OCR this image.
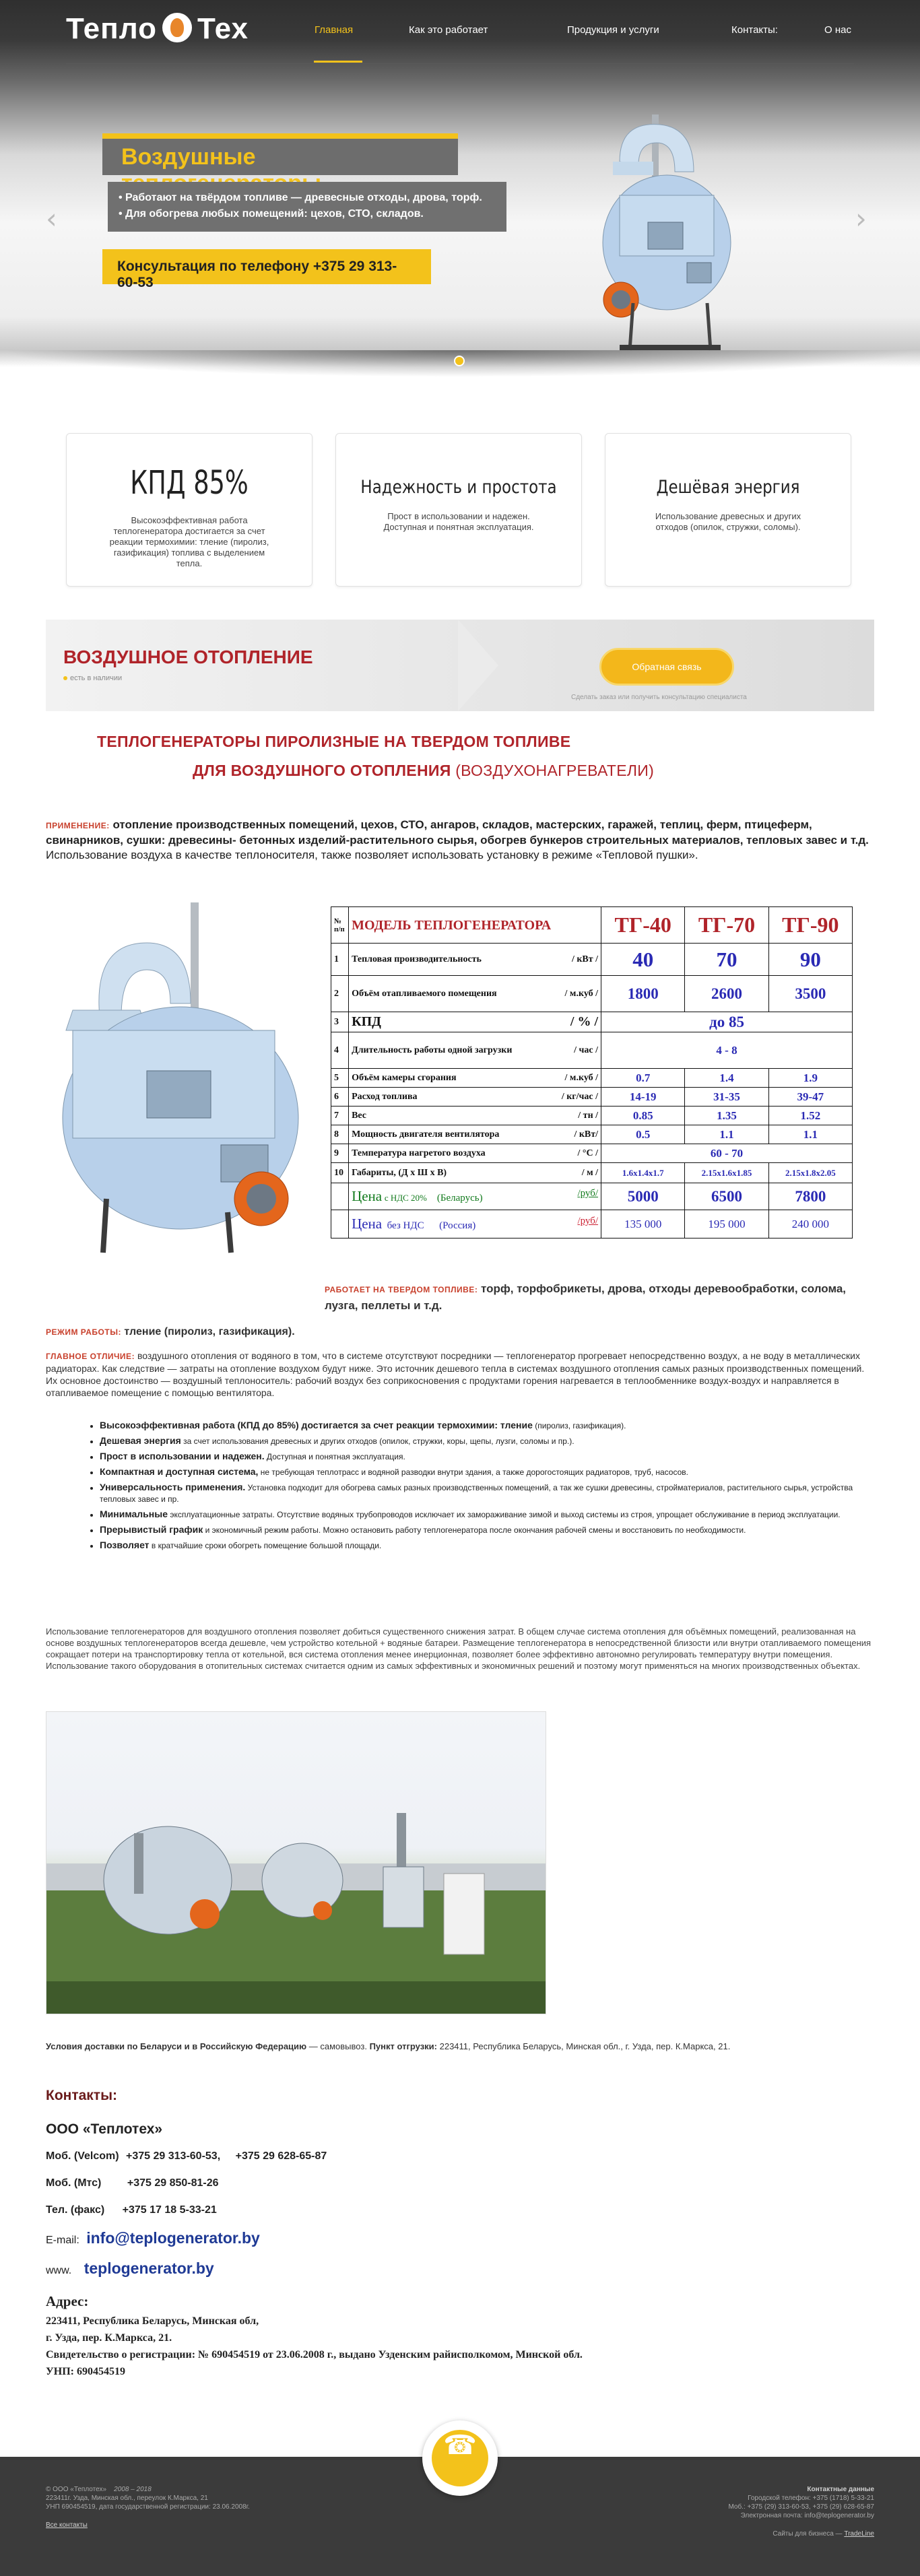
Тепло Тех	Главная	Как это работает	Продукция и услуги	Контакты:	О нас
Воздушные
• Работают на твёрдом топливе — древесные отходы, дрова, торф.
• Для обогрева любых помещений: цехов, СТО, складов.
Консультация по телефону +375 29 313-60-53
‹	›
КПД 85%

Высокоэффективная работа теплогенератора достигается за счет реакции термохимии: тление (пиролиз, газификация) топлива с выделением тепла.

Надежность и простота

Прост в использовании и надежен. Доступная и понятная эксплуатация.

Дешёвая энергия

Использование древесных и других отходов (опилок, стружки, соломы).

ВОЗДУШНОЕ ОТОПЛЕНИЕ
есть в наличии
Обратная связь
Сделать заказ или получить консультацию специалиста
ТЕПЛОГЕНЕРАТОРЫ ПИРОЛИЗНЫЕ НА ТВЕРДОМ ТОПЛИВЕ
ДЛЯ ВОЗДУШНОГО ОТОПЛЕНИЯ (ВОЗДУХОНАГРЕВАТЕЛИ)
ПРИМЕНЕНИЕ: отопление производственных помещений, цехов, СТО, ангаров, складов, мастерских, гаражей, теплиц, ферм, птицеферм, свинарников, сушки: древесины- бетонных изделий-растительного сырья, обогрев бункеров строительных материалов, тепловых завес и т.д. Использование воздуха в качестве теплоносителя, также позволяет использовать установку в режиме «Тепловой пушки».
№ п/п	МОДЕЛЬ ТЕПЛОГЕНЕРАТОРА	ТГ-40	ТГ-70	ТГ-90
1	Тепловая производительность / кВт /	40	70	90
2	Объём отапливаемого помещения / м.куб /	1800	2600	3500
3	КПД / % /	до 85		
4	Длительность работы одной загрузки / час /	4 - 8		
5	Объём камеры сгорания / м.куб /	0.7	1.4	1.9
6	Расход топлива / кг/час /	14-19	31-35	39-47
7	Вес / тн /	0.85	1.35	1.52
8	Мощность двигателя вентилятора / кВт/	0.5	1.1	1.1
9	Температура нагретого воздуха / °С /	60 - 70		
10	Габариты, (Д х Ш х В) / м /	1.6x1.4x1.7	2.15x1.6x1.85	2.15x1.8x2.05
	Цена с НДС 20% (Беларусь) /руб/	5000	6500	7800
	Цена без НДС (Россия) /руб/	135 000	195 000	240 000
РАБОТАЕТ НА ТВЕРДОМ ТОПЛИВЕ: торф, торфобрикеты, дрова, отходы деревообработки, солома, лузга, пеллеты и т.д.
РЕЖИМ РАБОТЫ: тление (пиролиз, газификация).
ГЛАВНОЕ ОТЛИЧИЕ: воздушного отопления от водяного в том, что в системе отсутствуют посредники — теплогенератор прогревает непосредственно воздух, а не воду в металлических радиаторах. Как следствие — затраты на отопление воздухом будут ниже. Это источник дешевого тепла в системах воздушного отопления самых разных производственных помещений. Их основное достоинство — воздушный теплоноситель: рабочий воздух без соприкосновения с продуктами горения нагревается в теплообменнике воздух-воздух и направляется в отапливаемое помещение с помощью вентилятора.
• Высокоэффективная работа (КПД до 85%) достигается за счет реакции термохимии: тление (пиролиз, газификация).
• Дешевая энергия за счет использования древесных и других отходов (опилок, стружки, коры, щепы, лузги, соломы и пр.).
• Прост в использовании и надежен. Доступная и понятная эксплуатация.
• Компактная и доступная система, не требующая теплотрасс и водяной разводки внутри здания, а также дорогостоящих радиаторов, труб, насосов.
• Универсальность применения. Установка подходит для обогрева самых разных производственных помещений, а так же сушки древесины, стройматериалов, растительного сырья, устройства тепловых завес и пр.
• Минимальные эксплуатационные затраты. Отсутствие водяных трубопроводов исключает их замораживание зимой и выход системы из строя, упрощает обслуживание в период эксплуатации.
• Прерывистый график и экономичный режим работы. Можно остановить работу теплогенератора после окончания рабочей смены и восстановить по необходимости.
• Позволяет в кратчайшие сроки обогреть помещение большой площади.
Использование теплогенераторов для воздушного отопления позволяет добиться существенного снижения затрат. В общем случае система отопления для объёмных помещений, реализованная на основе воздушных теплогенераторов всегда дешевле, чем устройство котельной + водяные батареи. Размещение теплогенератора в непосредственной близости или внутри отапливаемого помещения сокращает потери на транспортировку тепла от котельной, вся система отопления менее инерционная, позволяет более эффективно автономно регулировать температуру внутри помещения. Использование такого оборудования в отопительных системах считается одним из самых эффективных и экономичных решений и поэтому могут применяться на многих производственных объектах.
Условия доставки по Беларуси и в Российскую Федерацию — самовывоз. Пункт отгрузки: 223411, Республика Беларусь, Минская обл., г. Узда, пер. К.Маркса, 21.
Контакты:
ООО «Теплотех»
Моб. (Velcom) +375 29 313-60-53, +375 29 628-65-87
Моб. (Мтс) +375 29 850-81-26
Тел. (факс) +375 17 18 5-33-21
E-mail: info@teplogenerator.by
www. teplogenerator.by
Адрес:
223411, Республика Беларусь, Минская обл,
г. Узда, пер. К.Маркса, 21.
Свидетельство о регистрации: № 690454519 от 23.06.2008 г., выдано Узденским райисполкомом, Минской обл.
УНП: 690454519
☎
© ООО «Теплотех» 2008 – 2018
223411г. Узда, Минская обл., переулок К.Маркса, 21
УНП 690454519, дата государственной регистрации: 23.06.2008г.
Все контакты
Контактные данные
Городской телефон: +375 (1718) 5-33-21
Моб.: +375 (29) 313-60-53, +375 (29) 628-65-87
Электронная почта: info@teplogenerator.by
Сайты для бизнеса — TradeLine
